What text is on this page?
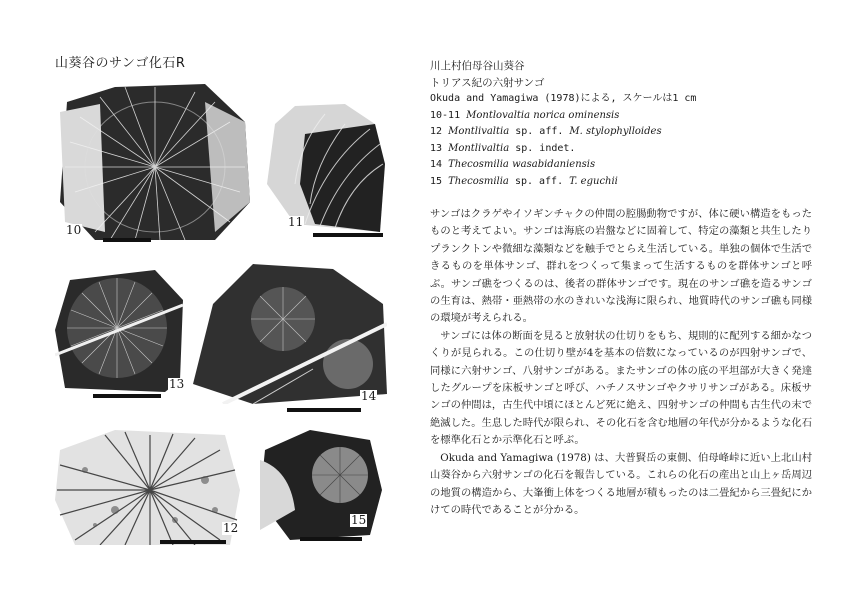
山葵谷のサンゴ化石R
10
11
13
14
12
15
川上村伯母谷山葵谷
トリアス紀の六射サンゴ
Okuda and Yamagiwa (1978)による, スケールは1 cm
10-11 Montlovaltia norica ominensis
12 Montlivaltia sp. aff. M. stylophylloides
13 Montlivaltia sp. indet.
14 Thecosmilia wasabidaniensis
15 Thecosmilia sp. aff. T. eguchii

サンゴはクラゲやイソギンチャクの仲間の腔腸動物ですが、体に硬い構造をもったものと考えてよい。サンゴは海底の岩盤などに固着して、特定の藻類と共生したりプランクトンや微細な藻類などを触手でとらえ生活している。単独の個体で生活できるものを単体サンゴ、群れをつくって集まって生活するものを群体サンゴと呼ぶ。サンゴ礁をつくるのは、後者の群体サンゴです。現在のサンゴ礁を造るサンゴの生育は、熱帯・亜熱帯の水のきれいな浅海に限られ、地質時代のサンゴ礁も同様の環境が考えられる。

サンゴには体の断面を見ると放射状の仕切りをもち、規則的に配列する細かなつくりが見られる。この仕切り壁が4を基本の倍数になっているのが四射サンゴで、同様に六射サンゴ、八射サンゴがある。またサンゴの体の底の平坦部が大きく発達したグループを床板サンゴと呼び、ハチノスサンゴやクサリサンゴがある。床板サンゴの仲間は，古生代中頃にほとんど死に絶え、四射サンゴの仲間も古生代の末で絶滅した。生息した時代が限られ、その化石を含む地層の年代が分かるような化石を標準化石とか示準化石と呼ぶ。

Okuda and Yamagiwa (1978) は、大普賢岳の東側、伯母峰峠に近い上北山村山葵谷から六射サンゴの化石を報告している。これらの化石の産出と山上ヶ岳周辺の地質の構造から、大峯衝上体をつくる地層が積もったのは二畳紀から三畳紀にかけての時代であることが分かる。
